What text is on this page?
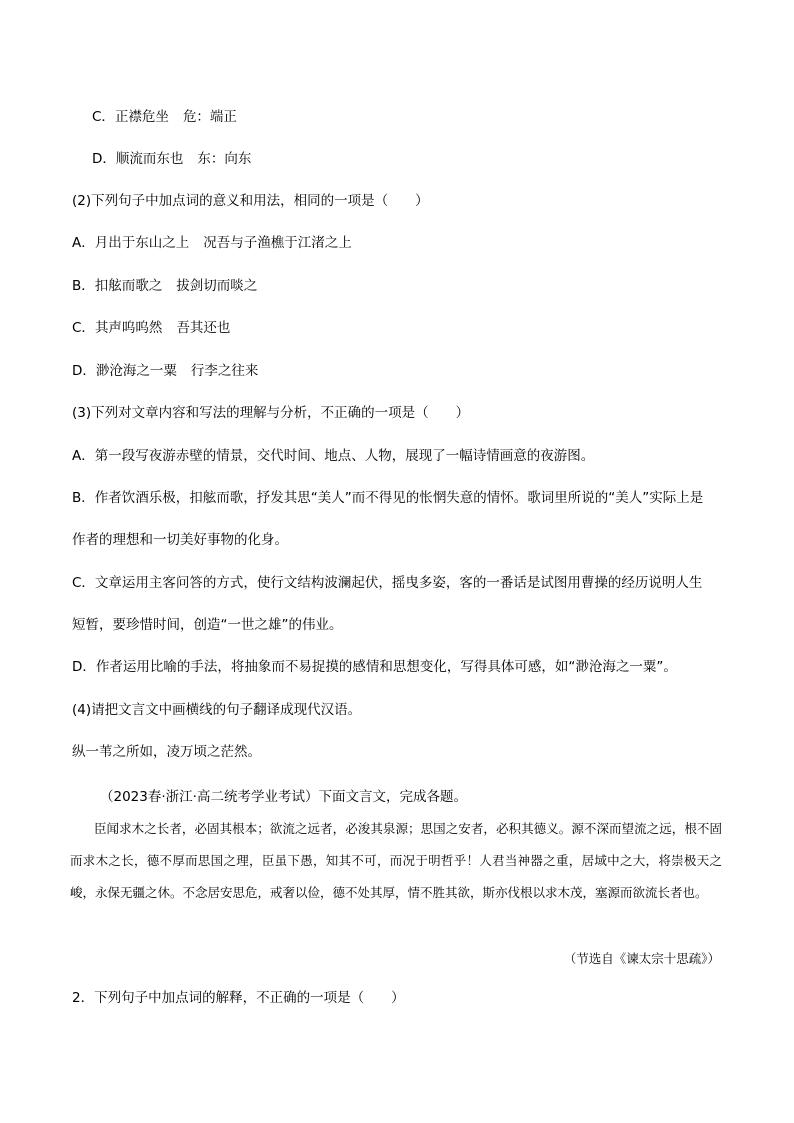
C．正襟危坐 危：端正
D．顺流而东也 东：向东
(2)下列句子中加点词的意义和用法，相同的一项是（　　）
A．月出于东山之上 况吾与子渔樵于江渚之上
B．扣舷而歌之 拔剑切而啖之
C．其声呜呜然 吾其还也
D．渺沧海之一粟 行李之往来
(3)下列对文章内容和写法的理解与分析，不正确的一项是（　　）
A．第一段写夜游赤壁的情景，交代时间、地点、人物，展现了一幅诗情画意的夜游图。
B．作者饮酒乐极，扣舷而歌，抒发其思“美人”而不得见的怅惘失意的情怀。歌词里所说的“美人”实际上是
作者的理想和一切美好事物的化身。
C．文章运用主客问答的方式，使行文结构波澜起伏，摇曳多姿，客的一番话是试图用曹操的经历说明人生
短暂，要珍惜时间，创造“一世之雄”的伟业。
D．作者运用比喻的手法，将抽象而不易捉摸的感情和思想变化，写得具体可感，如“渺沧海之一粟”。
(4)请把文言文中画横线的句子翻译成现代汉语。
纵一苇之所如，凌万顷之茫然。
（2023春·浙江·高二统考学业考试）下面文言文，完成各题。
臣闻求木之长者，必固其根本；欲流之远者，必浚其泉源；思国之安者，必积其德义。源不深而望流之远，根不固而求木之长，德不厚而思国之理，臣虽下愚，知其不可，而况于明哲乎！人君当神器之重，居域中之大，将崇极天之峻，永保无疆之休。不念居安思危，戒奢以俭，德不处其厚，情不胜其欲，斯亦伐根以求木茂，塞源而欲流长者也。
（节选自《谏太宗十思疏》）
2．下列句子中加点词的解释，不正确的一项是（　　）
